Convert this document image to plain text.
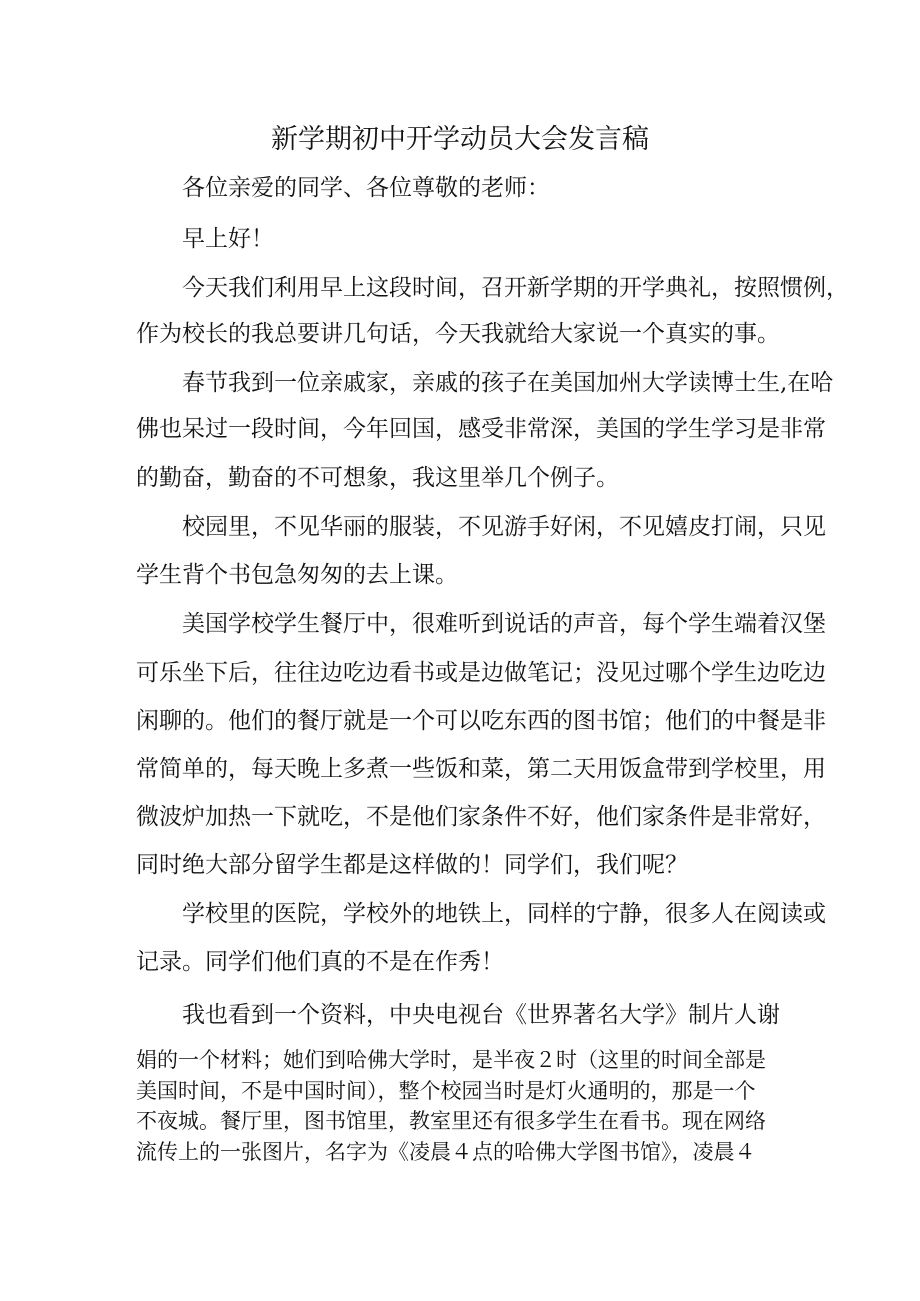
新学期初中开学动员大会发言稿
各位亲爱的同学、各位尊敬的老师：
早上好！
今天我们利用早上这段时间，召开新学期的开学典礼，按照惯例，
作为校长的我总要讲几句话，今天我就给大家说一个真实的事。
春节我到一位亲戚家，亲戚的孩子在美国加州大学读博士生,在哈
佛也呆过一段时间，今年回国，感受非常深，美国的学生学习是非常
的勤奋，勤奋的不可想象，我这里举几个例子。
校园里，不见华丽的服装，不见游手好闲，不见嬉皮打闹，只见
学生背个书包急匆匆的去上课。
美国学校学生餐厅中，很难听到说话的声音，每个学生端着汉堡
可乐坐下后，往往边吃边看书或是边做笔记；没见过哪个学生边吃边
闲聊的。他们的餐厅就是一个可以吃东西的图书馆；他们的中餐是非
常简单的，每天晚上多煮一些饭和菜，第二天用饭盒带到学校里，用
微波炉加热一下就吃，不是他们家条件不好，他们家条件是非常好，
同时绝大部分留学生都是这样做的！同学们，我们呢？
学校里的医院，学校外的地铁上，同样的宁静，很多人在阅读或
记录。同学们他们真的不是在作秀！
我也看到一个资料，中央电视台《世界著名大学》制片人谢
娟的一个材料；她们到哈佛大学时，是半夜２时（这里的时间全部是
美国时间，不是中国时间），整个校园当时是灯火通明的，那是一个
不夜城。餐厅里，图书馆里，教室里还有很多学生在看书。现在网络
流传上的一张图片，名字为《凌晨４点的哈佛大学图书馆》，凌晨４
